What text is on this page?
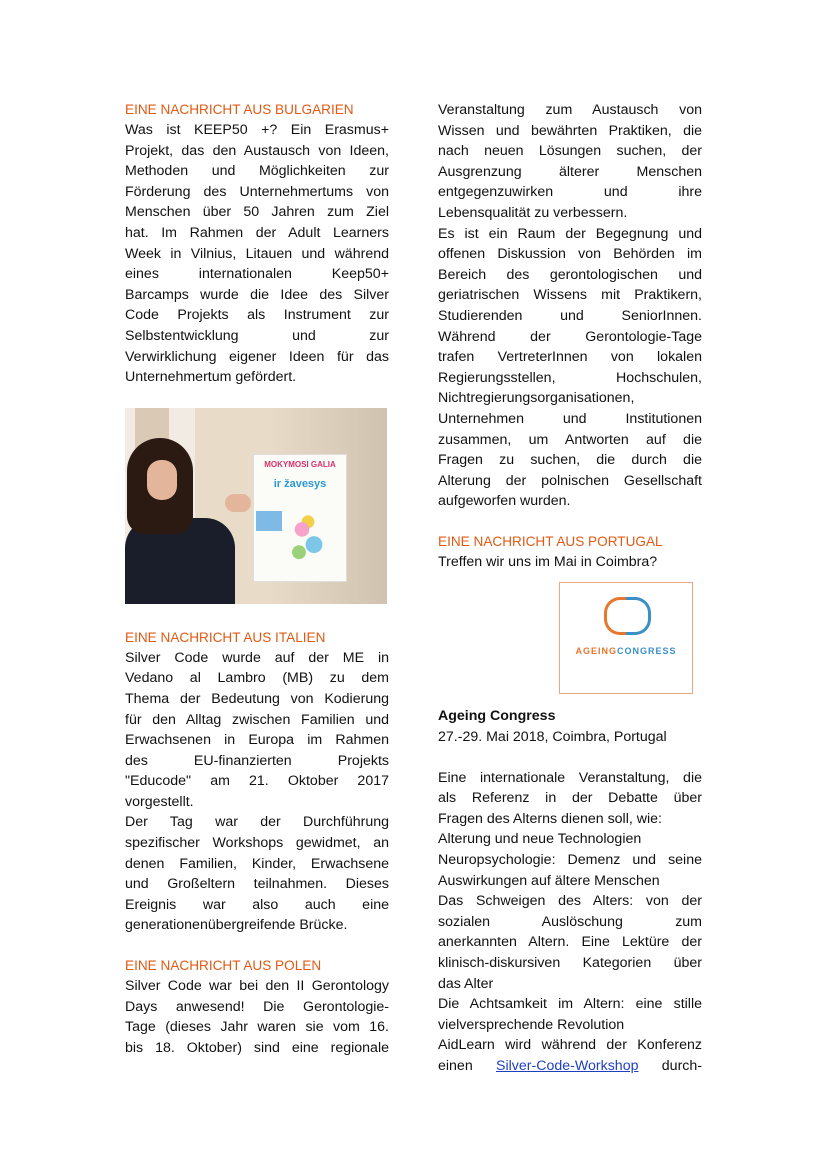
EINE NACHRICHT AUS BULGARIEN

Was ist KEEP50 +? Ein Erasmus+

Projekt, das den Austausch von Ideen,

Methoden und Möglichkeiten zur

Förderung des Unternehmertums von

Menschen über 50 Jahren zum Ziel

hat. Im Rahmen der Adult Learners

Week in Vilnius, Litauen und während

eines internationalen Keep50+

Barcamps wurde die Idee des Silver

Code Projekts als Instrument zur

Selbstentwicklung und zur

Verwirklichung eigener Ideen für das

Unternehmertum gefördert.

MOKYMOSI GALIA
ir žavesys

EINE NACHRICHT AUS ITALIEN

Silver Code wurde auf der ME in

Vedano al Lambro (MB) zu dem

Thema der Bedeutung von Kodierung

für den Alltag zwischen Familien und

Erwachsenen in Europa im Rahmen

des EU-finanzierten Projekts

"Educode" am 21. Oktober 2017

vorgestellt.

Der Tag war der Durchführung

spezifischer Workshops gewidmet, an

denen Familien, Kinder, Erwachsene

und Großeltern teilnahmen. Dieses

Ereignis war also auch eine

generationenübergreifende Brücke.

EINE NACHRICHT AUS POLEN

Silver Code war bei den II Gerontology

Days anwesend! Die Gerontologie-

Tage (dieses Jahr waren sie vom 16.

bis 18. Oktober) sind eine regionale

Veranstaltung zum Austausch von

Wissen und bewährten Praktiken, die

nach neuen Lösungen suchen, der

Ausgrenzung älterer Menschen

entgegenzuwirken und ihre

Lebensqualität zu verbessern.

Es ist ein Raum der Begegnung und

offenen Diskussion von Behörden im

Bereich des gerontologischen und

geriatrischen Wissens mit Praktikern,

Studierenden und SeniorInnen.

Während der Gerontologie-Tage

trafen VertreterInnen von lokalen

Regierungsstellen, Hochschulen,

Nichtregierungsorganisationen,

Unternehmen und Institutionen

zusammen, um Antworten auf die

Fragen zu suchen, die durch die

Alterung der polnischen Gesellschaft

aufgeworfen wurden.

EINE NACHRICHT AUS PORTUGAL

Treffen wir uns im Mai in Coimbra?

AGEINGCONGRESS

Ageing Congress

27.-29. Mai 2018, Coimbra, Portugal

Eine internationale Veranstaltung, die

als Referenz in der Debatte über

Fragen des Alterns dienen soll, wie:

Alterung und neue Technologien

Neuropsychologie: Demenz und seine

Auswirkungen auf ältere Menschen

Das Schweigen des Alters: von der

sozialen Auslöschung zum

anerkannten Altern. Eine Lektüre der

klinisch-diskursiven Kategorien über

das Alter

Die Achtsamkeit im Altern: eine stille

vielversprechende Revolution

AidLearn wird während der Konferenz

einen Silver-Code-Workshop durch-
